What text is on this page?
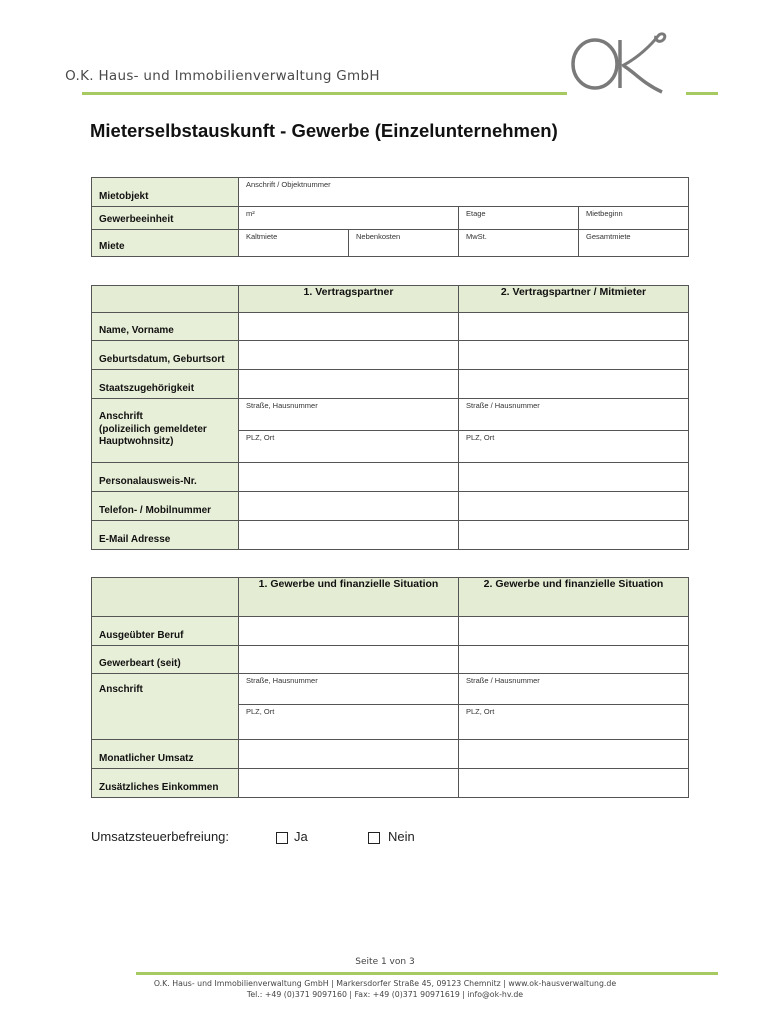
O.K. Haus- und Immobilienverwaltung GmbH
Mieterselbstauskunft - Gewerbe (Einzelunternehmen)
Mietobjekt	Anschrift / Objektnummer			

Gewerbeeinheit	m²		Etage	Mietbeginn

Miete	Kaltmiete	Nebenkosten	MwSt.	Gesamtmiete
	1. Vertragspartner	2. Vertragspartner / Mitmieter

Name, Vorname		

Geburtsdatum, Geburtsort		

Staatszugehörigkeit		

Anschrift
(polizeilich gemeldeter
Hauptwohnsitz)	Straße, Hausnummer	Straße / Hausnummer

	PLZ, Ort	PLZ, Ort

Personalausweis-Nr.		

Telefon- / Mobilnummer		

E-Mail Adresse		

	1. Gewerbe und finanzielle Situation	2. Gewerbe und finanzielle Situation

Ausgeübter Beruf		

Gewerbeart (seit)		

Anschrift	Straße, Hausnummer	Straße / Hausnummer

	PLZ, Ort	PLZ, Ort

Monatlicher Umsatz		

Zusätzliches Einkommen		

Umsatzsteuerbefreiung:	Ja	Nein
Seite 1 von 3
O.K. Haus- und Immobilienverwaltung GmbH | Markersdorfer Straße 45, 09123 Chemnitz | www.ok-hausverwaltung.de
Tel.: +49 (0)371 9097160 | Fax: +49 (0)371 90971619 | info@ok-hv.de
